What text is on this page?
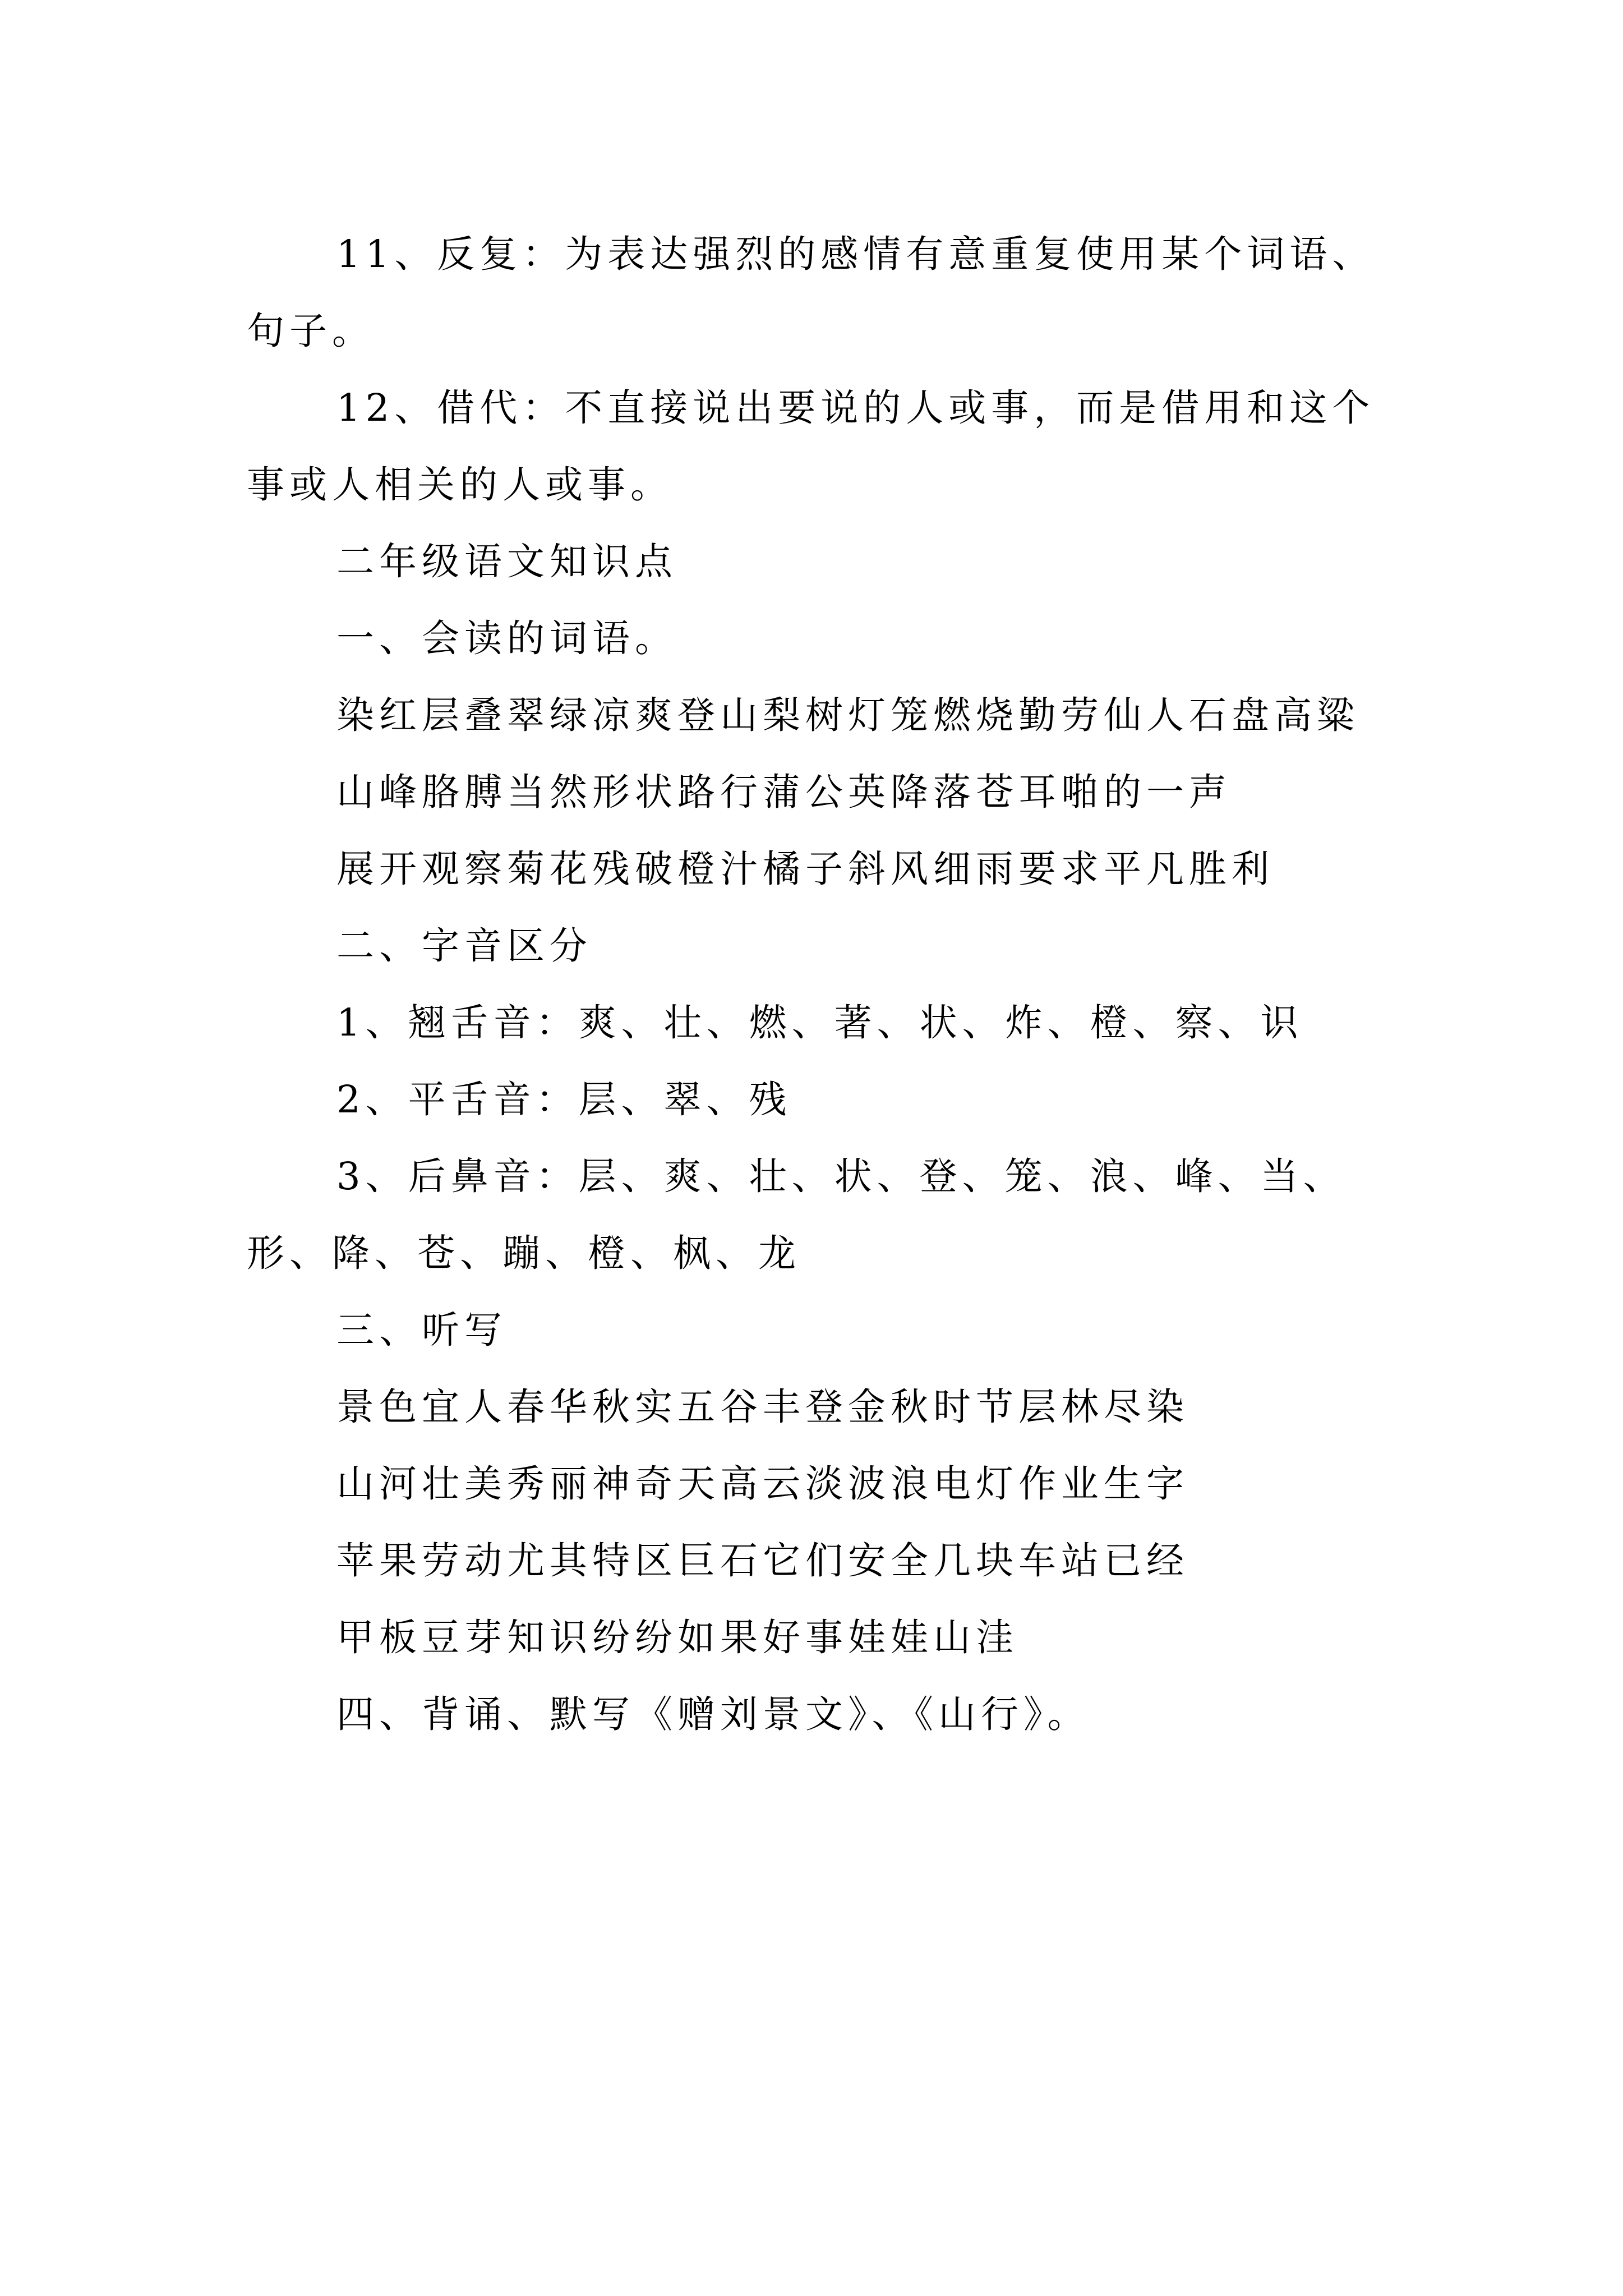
11、反复：为表达强烈的感情有意重复使用某个词语、句子。

12、借代：不直接说出要说的人或事，而是借用和这个事或人相关的人或事。

二年级语文知识点

一、会读的词语。

染红层叠翠绿凉爽登山梨树灯笼燃烧勤劳仙人石盘高粱

山峰胳膊当然形状路行蒲公英降落苍耳啪的一声

展开观察菊花残破橙汁橘子斜风细雨要求平凡胜利

二、字音区分

1、翘舌音：爽、壮、燃、著、状、炸、橙、察、识

2、平舌音：层、翠、残

3、后鼻音：层、爽、壮、状、登、笼、浪、峰、当、形、降、苍、蹦、橙、枫、龙

三、听写

景色宜人春华秋实五谷丰登金秋时节层林尽染

山河壮美秀丽神奇天高云淡波浪电灯作业生字

苹果劳动尤其特区巨石它们安全几块车站已经

甲板豆芽知识纷纷如果好事娃娃山洼

四、背诵、默写《赠刘景文》、《山行》。
